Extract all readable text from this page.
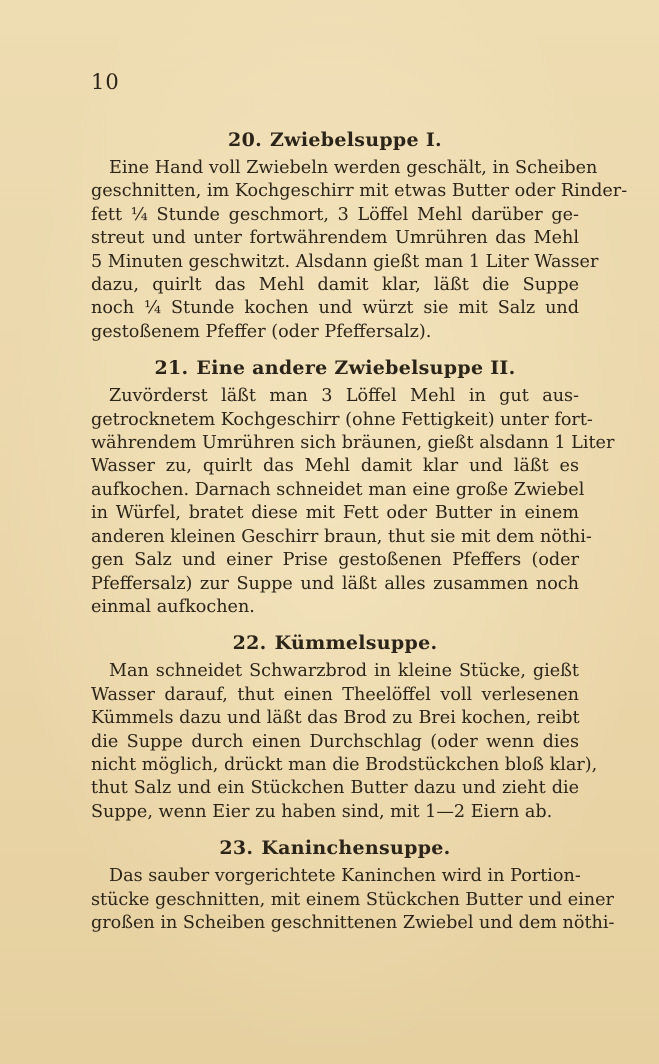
10
20. Zwiebelsuppe I.
Eine Hand voll Zwiebeln werden geschält, in Scheiben
geschnitten, im Kochgeschirr mit etwas Butter oder Rinder-
fett ¼ Stunde geschmort, 3 Löffel Mehl darüber ge-
streut und unter fortwährendem Umrühren das Mehl
5 Minuten geschwitzt. Alsdann gießt man 1 Liter Wasser
dazu, quirlt das Mehl damit klar, läßt die Suppe
noch ¼ Stunde kochen und würzt sie mit Salz und
gestoßenem Pfeffer (oder Pfeffersalz).
21. Eine andere Zwiebelsuppe II.
Zuvörderst läßt man 3 Löffel Mehl in gut aus-
getrocknetem Kochgeschirr (ohne Fettigkeit) unter fort-
währendem Umrühren sich bräunen, gießt alsdann 1 Liter
Wasser zu, quirlt das Mehl damit klar und läßt es
aufkochen. Darnach schneidet man eine große Zwiebel
in Würfel, bratet diese mit Fett oder Butter in einem
anderen kleinen Geschirr braun, thut sie mit dem nöthi-
gen Salz und einer Prise gestoßenen Pfeffers (oder
Pfeffersalz) zur Suppe und läßt alles zusammen noch
einmal aufkochen.
22. Kümmelsuppe.
Man schneidet Schwarzbrod in kleine Stücke, gießt
Wasser darauf, thut einen Theelöffel voll verlesenen
Kümmels dazu und läßt das Brod zu Brei kochen, reibt
die Suppe durch einen Durchschlag (oder wenn dies
nicht möglich, drückt man die Brodstückchen bloß klar),
thut Salz und ein Stückchen Butter dazu und zieht die
Suppe, wenn Eier zu haben sind, mit 1—2 Eiern ab.
23. Kaninchensuppe.
Das sauber vorgerichtete Kaninchen wird in Portion-
stücke geschnitten, mit einem Stückchen Butter und einer
großen in Scheiben geschnittenen Zwiebel und dem nöthi-
